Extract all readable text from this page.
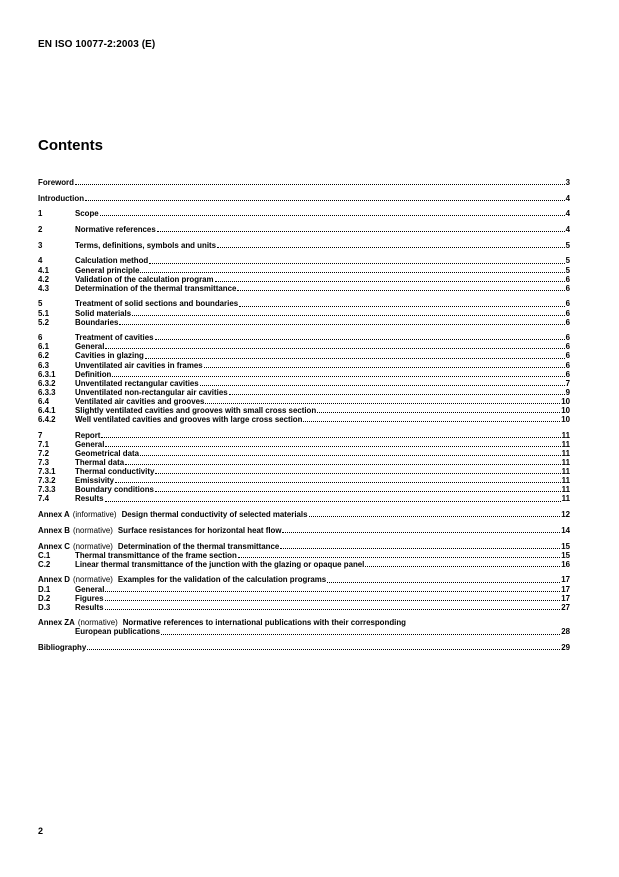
EN ISO 10077-2:2003 (E)
Contents
Foreword	3
Introduction	4
1	Scope	4
2	Normative references	4
3	Terms, definitions, symbols and units	5
4	Calculation method	5
4.1	General principle	5
4.2	Validation of the calculation program	6
4.3	Determination of the thermal transmittance	6
5	Treatment of solid sections and boundaries	6
5.1	Solid materials	6
5.2	Boundaries	6
6	Treatment of cavities	6
6.1	General	6
6.2	Cavities in glazing	6
6.3	Unventilated air cavities in frames	6
6.3.1	Definition	6
6.3.2	Unventilated rectangular cavities	7
6.3.3	Unventilated non-rectangular air cavities	9
6.4	Ventilated air cavities and grooves	10
6.4.1	Slightly ventilated cavities and grooves with small cross section	10
6.4.2	Well ventilated cavities and grooves with large cross section	10
7	Report	11
7.1	General	11
7.2	Geometrical data	11
7.3	Thermal data	11
7.3.1	Thermal conductivity	11
7.3.2	Emissivity	11
7.3.3	Boundary conditions	11
7.4	Results	11
Annex A (informative) Design thermal conductivity of selected materials	12
Annex B (normative) Surface resistances for horizontal heat flow	14
Annex C (normative) Determination of the thermal transmittance	15
C.1	Thermal transmittance of the frame section	15
C.2	Linear thermal transmittance of the junction with the glazing or opaque panel	16
Annex D (normative) Examples for the validation of the calculation programs	17
D.1	General	17
D.2	Figures	17
D.3	Results	27
Annex ZA (normative) Normative references to international publications with their corresponding
European publications	28
Bibliography	29
2
